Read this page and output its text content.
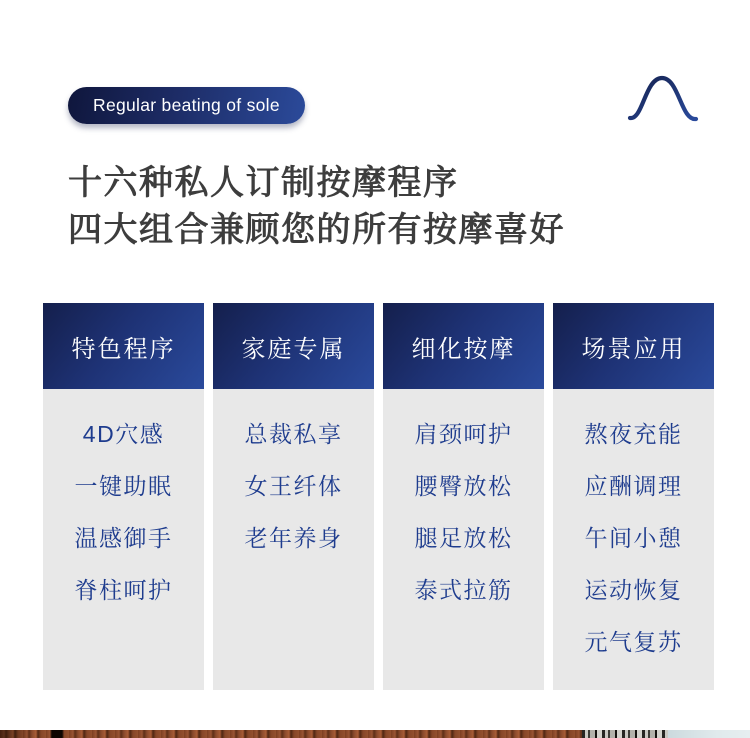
Regular beating of sole
十六种私人订制按摩程序
四大组合兼顾您的所有按摩喜好
特色程序
4D穴感
一键助眠
温感御手
脊柱呵护
家庭专属
总裁私享
女王纤体
老年养身
细化按摩
肩颈呵护
腰臀放松
腿足放松
泰式拉筋
场景应用
熬夜充能
应酬调理
午间小憩
运动恢复
元气复苏
